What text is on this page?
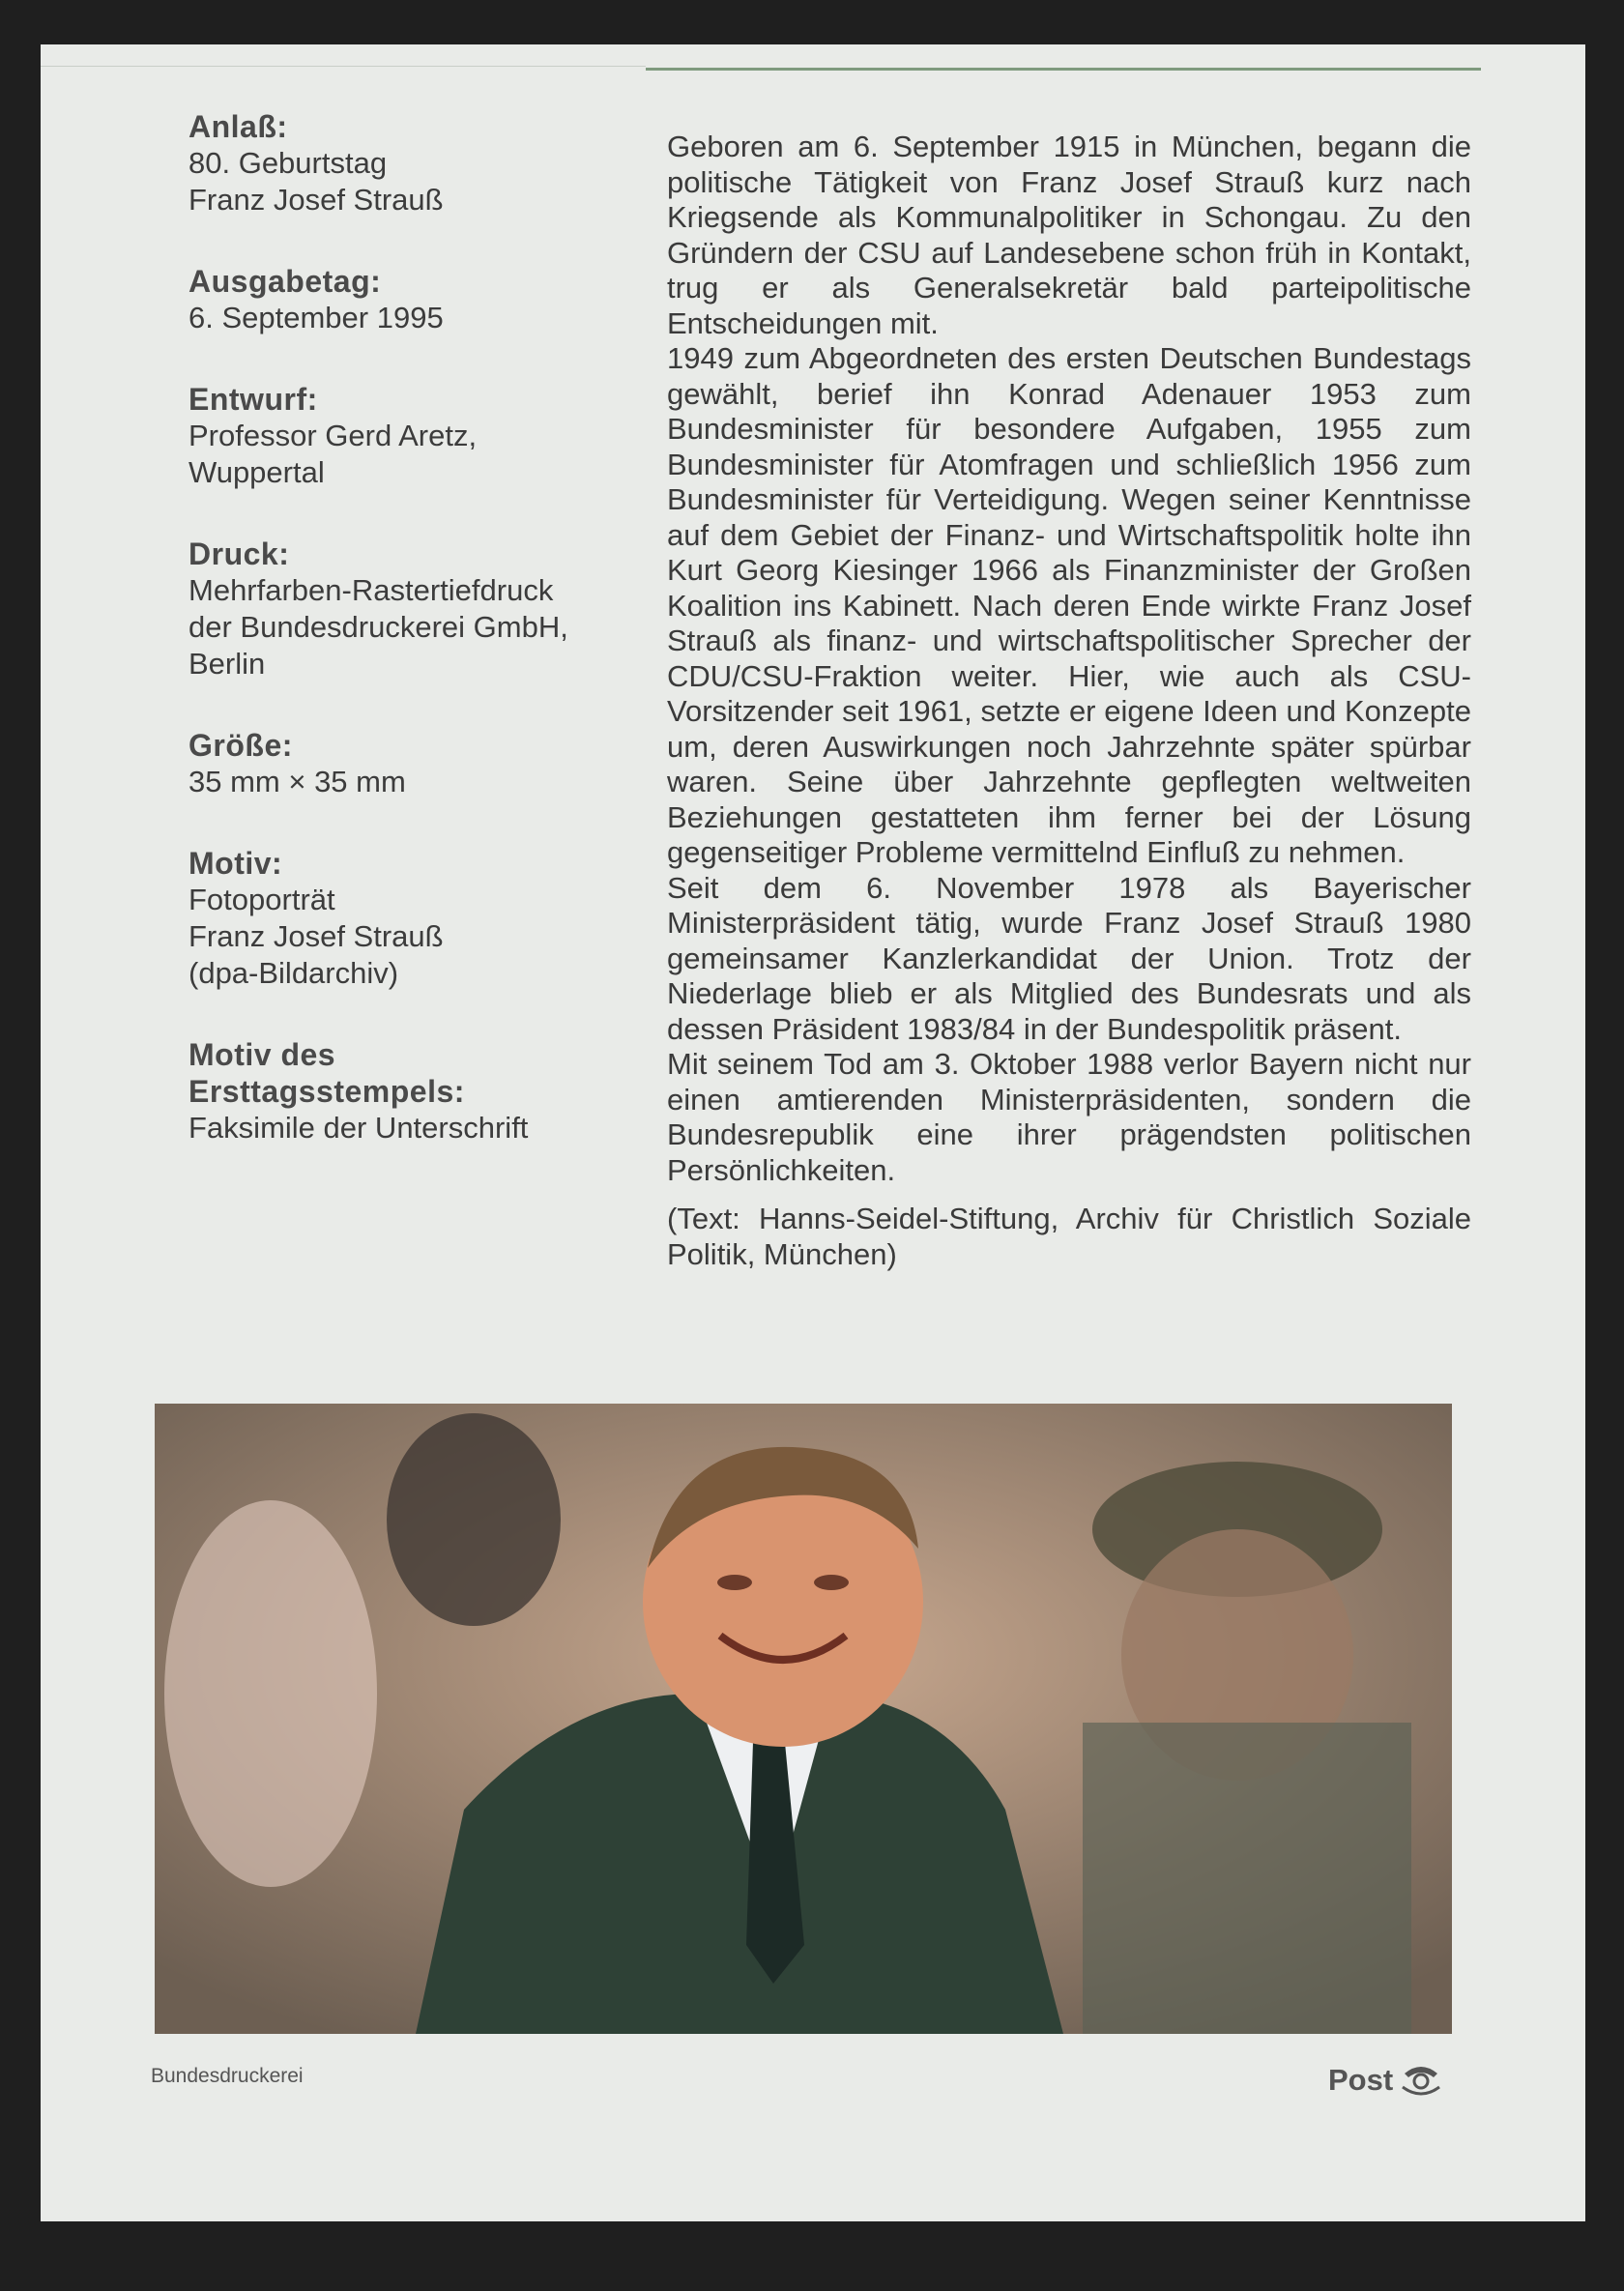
Anlaß:
80. Geburtstag
Franz Josef Strauß
Ausgabetag:
6. September 1995
Entwurf:
Professor Gerd Aretz,
Wuppertal
Druck:
Mehrfarben-Rastertiefdruck
der Bundesdruckerei GmbH,
Berlin
Größe:
35 mm × 35 mm
Motiv:
Fotoporträt
Franz Josef Strauß
(dpa-Bildarchiv)
Motiv des
Ersttagsstempels:
Faksimile der Unterschrift

Geboren am 6. September 1915 in München, begann die politische Tätigkeit von Franz Josef Strauß kurz nach Kriegsende als Kommunalpolitiker in Schongau. Zu den Gründern der CSU auf Landesebene schon früh in Kontakt, trug er als Generalsekretär bald parteipolitische Entscheidungen mit.

1949 zum Abgeordneten des ersten Deutschen Bundestags gewählt, berief ihn Konrad Adenauer 1953 zum Bundesminister für besondere Aufgaben, 1955 zum Bundesminister für Atomfragen und schließlich 1956 zum Bundesminister für Verteidigung. Wegen seiner Kenntnisse auf dem Gebiet der Finanz- und Wirtschaftspolitik holte ihn Kurt Georg Kiesinger 1966 als Finanzminister der Großen Koalition ins Kabinett. Nach deren Ende wirkte Franz Josef Strauß als finanz- und wirtschaftspolitischer Sprecher der CDU/CSU-Fraktion weiter. Hier, wie auch als CSU-Vorsitzender seit 1961, setzte er eigene Ideen und Konzepte um, deren Auswirkungen noch Jahrzehnte später spürbar waren. Seine über Jahrzehnte gepflegten weltweiten Beziehungen gestatteten ihm ferner bei der Lösung gegenseitiger Probleme vermittelnd Einfluß zu nehmen.

Seit dem 6. November 1978 als Bayerischer Ministerpräsident tätig, wurde Franz Josef Strauß 1980 gemeinsamer Kanzlerkandidat der Union. Trotz der Niederlage blieb er als Mitglied des Bundesrats und als dessen Präsident 1983/84 in der Bundespolitik präsent.

Mit seinem Tod am 3. Oktober 1988 verlor Bayern nicht nur einen amtierenden Ministerpräsidenten, sondern die Bundesrepublik eine ihrer prägendsten politischen Persönlichkeiten.

(Text: Hanns-Seidel-Stiftung, Archiv für Christlich Soziale Politik, München)

Bundesdruckerei	Post
